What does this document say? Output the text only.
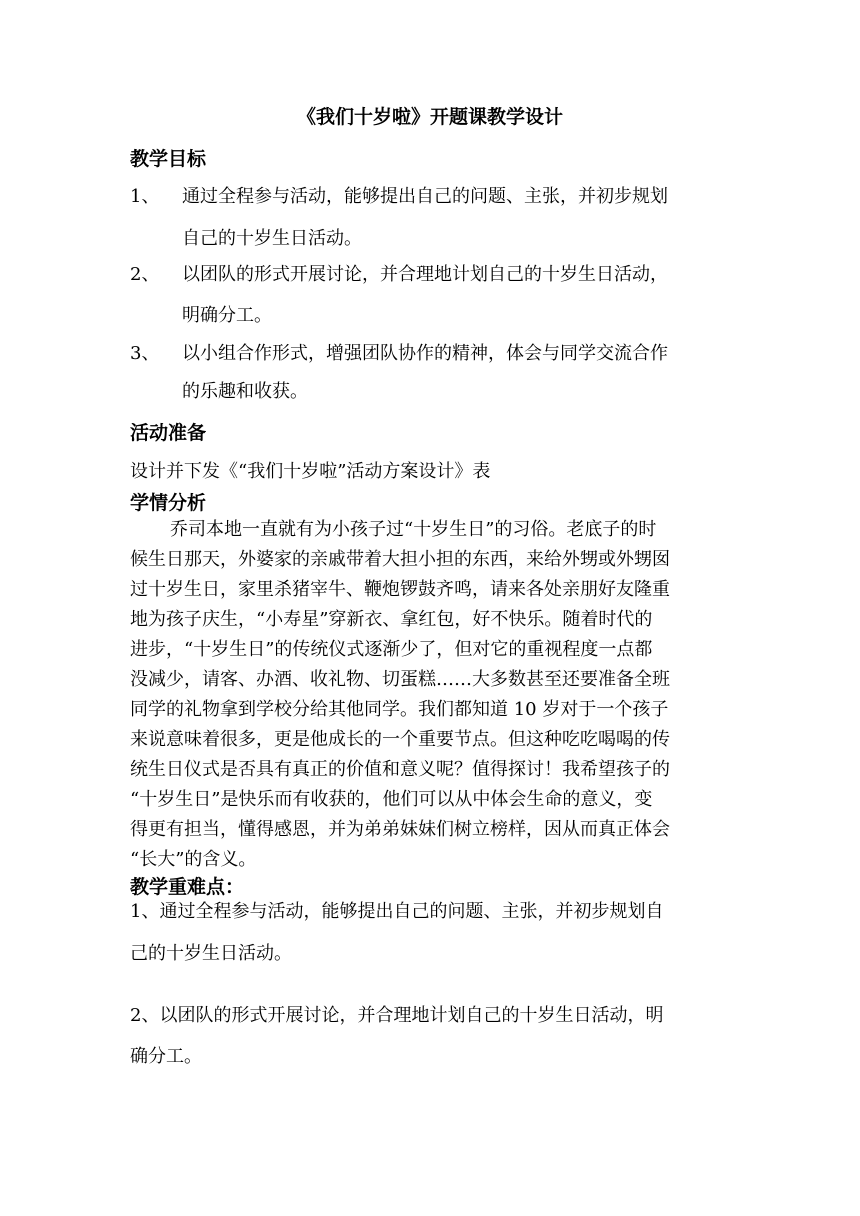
《我们十岁啦》开题课教学设计
教学目标
1、 通过全程参与活动，能够提出自己的问题、主张，并初步规划
自己的十岁生日活动。
2、 以团队的形式开展讨论，并合理地计划自己的十岁生日活动，
明确分工。
3、 以小组合作形式，增强团队协作的精神，体会与同学交流合作
的乐趣和收获。
活动准备
设计并下发《“我们十岁啦”活动方案设计》表
学情分析
乔司本地一直就有为小孩子过“十岁生日”的习俗。老底子的时
候生日那天，外婆家的亲戚带着大担小担的东西，来给外甥或外甥囡
过十岁生日，家里杀猪宰牛、鞭炮锣鼓齐鸣，请来各处亲朋好友隆重
地为孩子庆生，“小寿星”穿新衣、拿红包，好不快乐。随着时代的
进步，“十岁生日”的传统仪式逐渐少了，但对它的重视程度一点都
没减少，请客、办酒、收礼物、切蛋糕……大多数甚至还要准备全班
同学的礼物拿到学校分给其他同学。我们都知道 10 岁对于一个孩子
来说意味着很多，更是他成长的一个重要节点。但这种吃吃喝喝的传
统生日仪式是否具有真正的价值和意义呢？值得探讨！我希望孩子的
“十岁生日”是快乐而有收获的，他们可以从中体会生命的意义，变
得更有担当，懂得感恩，并为弟弟妹妹们树立榜样，因从而真正体会
“长大”的含义。
教学重难点：
1、通过全程参与活动，能够提出自己的问题、主张，并初步规划自
己的十岁生日活动。
2、以团队的形式开展讨论，并合理地计划自己的十岁生日活动，明
确分工。
